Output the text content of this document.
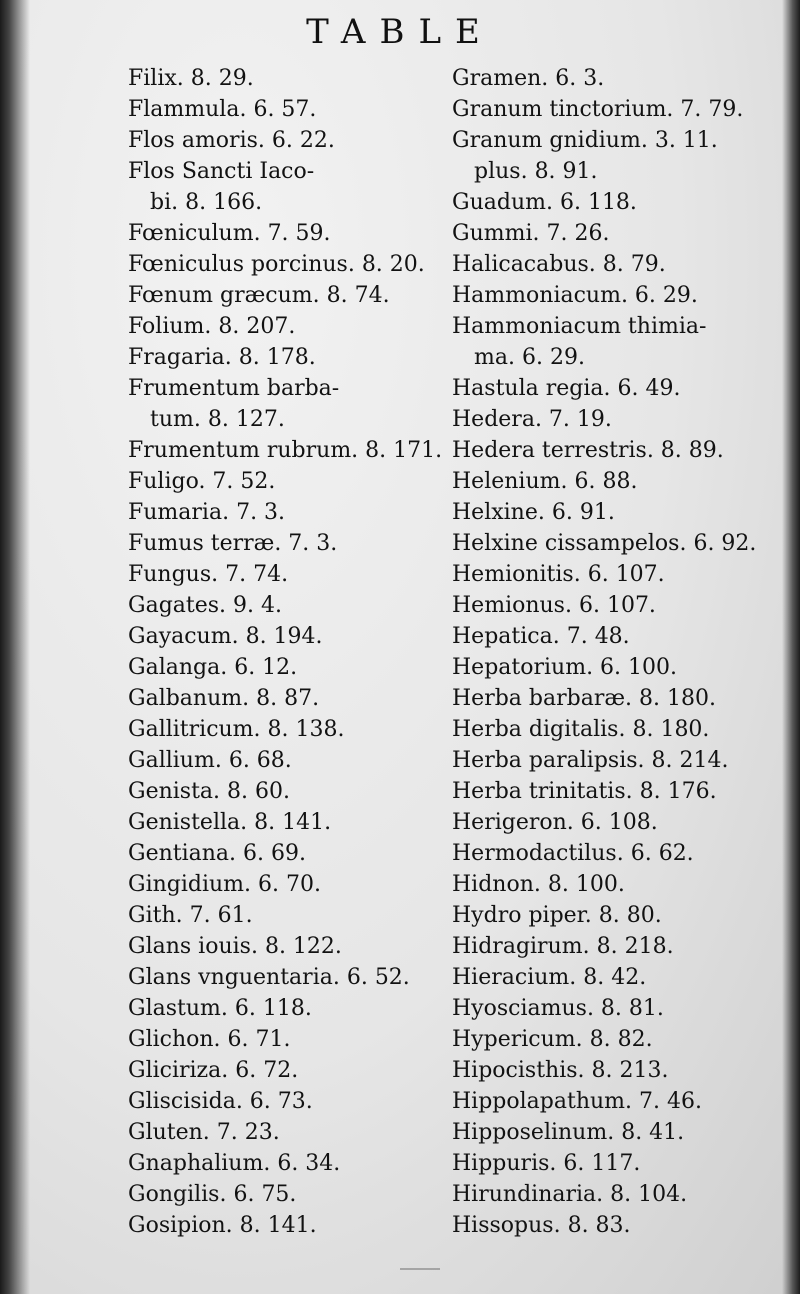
TABLE
Filix. 8. 29.
Flammula. 6. 57.
Flos amoris. 6. 22.
Flos Sancti Iaco-
bi. 8. 166.
Fœniculum. 7. 59.
Fœniculus porcinus. 8. 20.
Fœnum græcum. 8. 74.
Folium. 8. 207.
Fragaria. 8. 178.
Frumentum barba-
tum. 8. 127.
Frumentum rubrum. 8. 171.
Fuligo. 7. 52.
Fumaria. 7. 3.
Fumus terræ. 7. 3.
Fungus. 7. 74.
Gagates. 9. 4.
Gayacum. 8. 194.
Galanga. 6. 12.
Galbanum. 8. 87.
Gallitricum. 8. 138.
Gallium. 6. 68.
Genista. 8. 60.
Genistella. 8. 141.
Gentiana. 6. 69.
Gingidium. 6. 70.
Gith. 7. 61.
Glans iouis. 8. 122.
Glans vnguentaria. 6. 52.
Glastum. 6. 118.
Glichon. 6. 71.
Gliciriza. 6. 72.
Gliscisida. 6. 73.
Gluten. 7. 23.
Gnaphalium. 6. 34.
Gongilis. 6. 75.
Gosipion. 8. 141.
Gramen. 6. 3.
Granum tinctorium. 7. 79.
Granum gnidium. 3. 11.
plus. 8. 91.
Guadum. 6. 118.
Gummi. 7. 26.
Halicacabus. 8. 79.
Hammoniacum. 6. 29.
Hammoniacum thimia-
ma. 6. 29.
Hastula regia. 6. 49.
Hedera. 7. 19.
Hedera terrestris. 8. 89.
Helenium. 6. 88.
Helxine. 6. 91.
Helxine cissampelos. 6. 92.
Hemionitis. 6. 107.
Hemionus. 6. 107.
Hepatica. 7. 48.
Hepatorium. 6. 100.
Herba barbaræ. 8. 180.
Herba digitalis. 8. 180.
Herba paralipsis. 8. 214.
Herba trinitatis. 8. 176.
Herigeron. 6. 108.
Hermodactilus. 6. 62.
Hidnon. 8. 100.
Hydro piper. 8. 80.
Hidragirum. 8. 218.
Hieracium. 8. 42.
Hyosciamus. 8. 81.
Hypericum. 8. 82.
Hipocisthis. 8. 213.
Hippolapathum. 7. 46.
Hipposelinum. 8. 41.
Hippuris. 6. 117.
Hirundinaria. 8. 104.
Hissopus. 8. 83.
